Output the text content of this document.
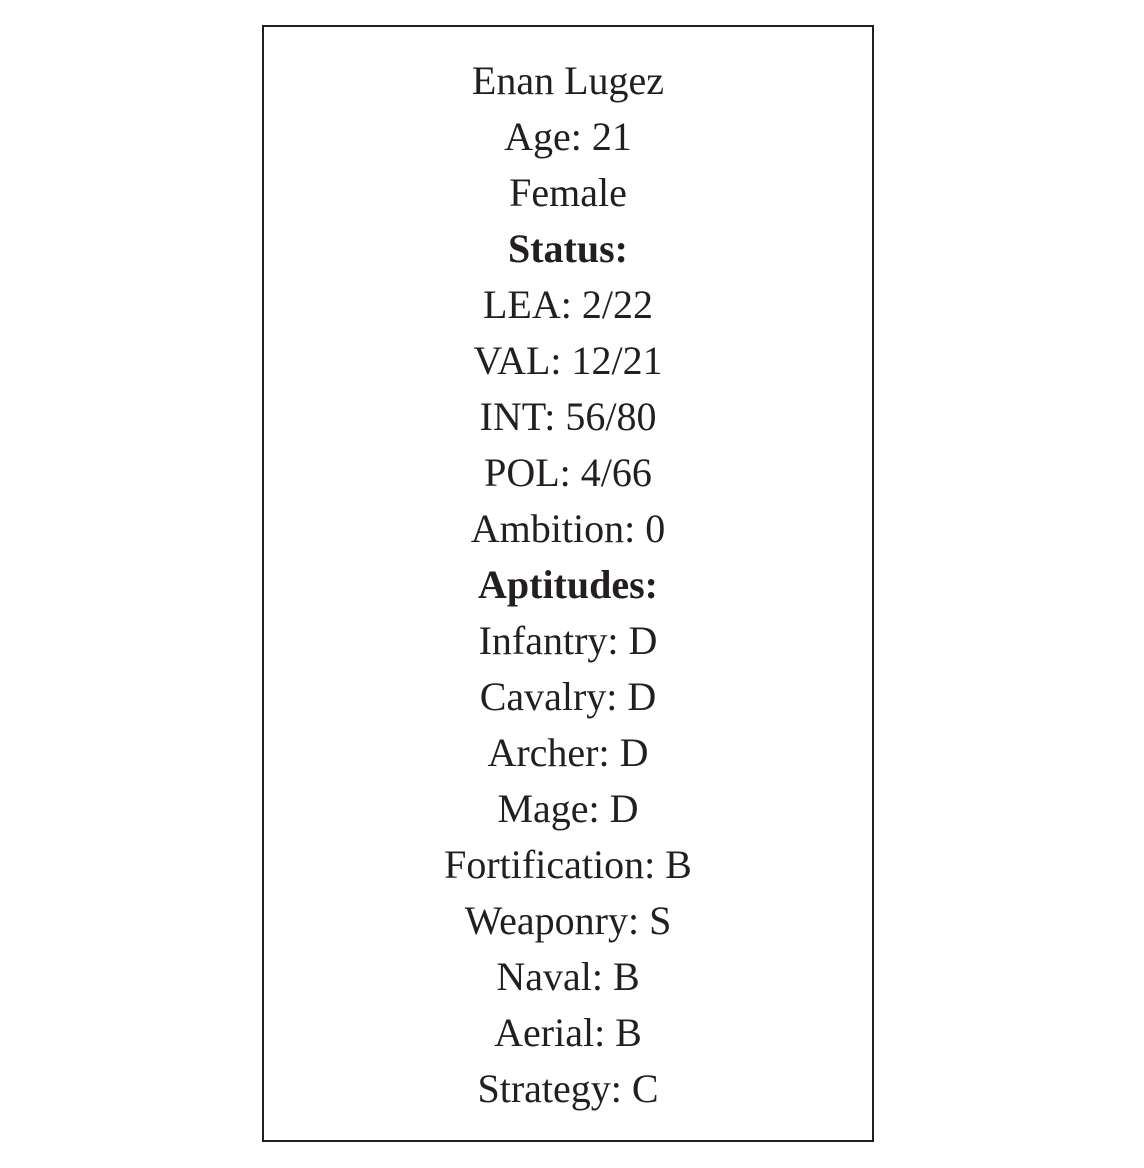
Enan Lugez
Age: 21
Female
Status:
LEA: 2/22
VAL: 12/21
INT: 56/80
POL: 4/66
Ambition: 0
Aptitudes:
Infantry: D
Cavalry: D
Archer: D
Mage: D
Fortification: B
Weaponry: S
Naval: B
Aerial: B
Strategy: C
